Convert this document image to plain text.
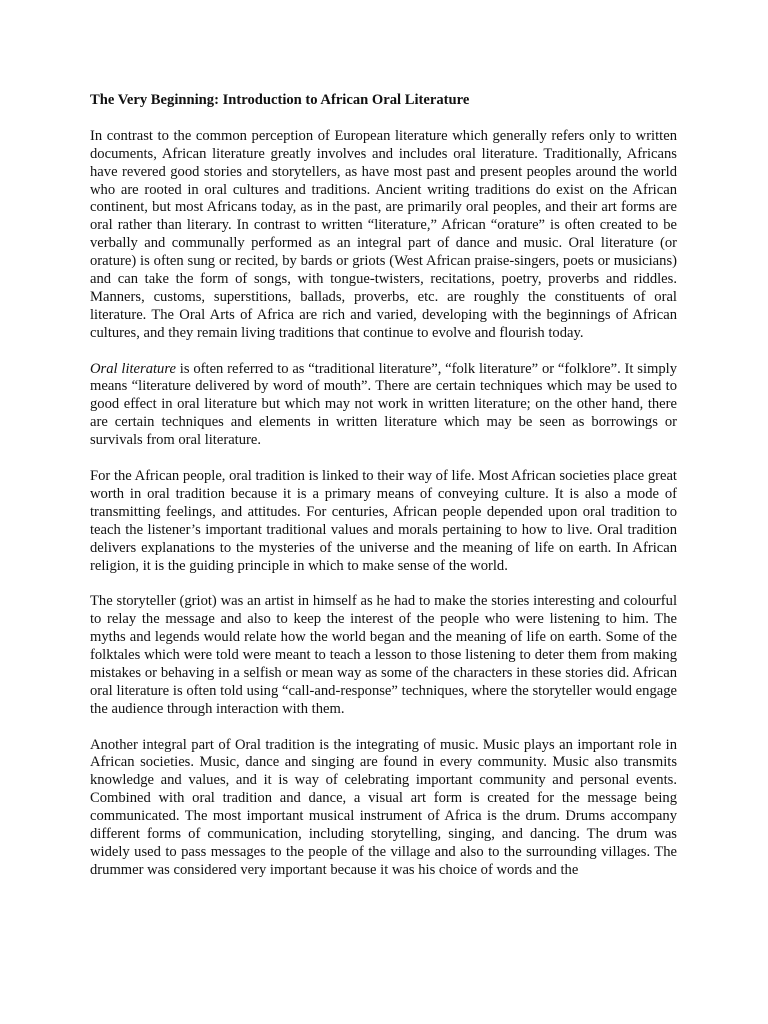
The Very Beginning: Introduction to African Oral Literature

In contrast to the common perception of European literature which generally refers only to written documents, African literature greatly involves and includes oral literature. Traditionally, Africans have revered good stories and storytellers, as have most past and present peoples around the world who are rooted in oral cultures and traditions. Ancient writing traditions do exist on the African continent, but most Africans today, as in the past, are primarily oral peoples, and their art forms are oral rather than literary. In contrast to written “literature,” African “orature” is often created to be verbally and communally performed as an integral part of dance and music. Oral literature (or orature) is often sung or recited, by bards or griots (West African praise-singers, poets or musicians) and can take the form of songs, with tongue-twisters, recitations, poetry, proverbs and riddles. Manners, customs, superstitions, ballads, proverbs, etc. are roughly the constituents of oral literature. The Oral Arts of Africa are rich and varied, developing with the beginnings of African cultures, and they remain living traditions that continue to evolve and flourish today.

Oral literature is often referred to as “traditional literature”, “folk literature” or “folklore”. It simply means “literature delivered by word of mouth”. There are certain techniques which may be used to good effect in oral literature but which may not work in written literature; on the other hand, there are certain techniques and elements in written literature which may be seen as borrowings or survivals from oral literature.

For the African people, oral tradition is linked to their way of life. Most African societies place great worth in oral tradition because it is a primary means of conveying culture. It is also a mode of transmitting feelings, and attitudes. For centuries, African people depended upon oral tradition to teach the listener’s important traditional values and morals pertaining to how to live. Oral tradition delivers explanations to the mysteries of the universe and the meaning of life on earth. In African religion, it is the guiding principle in which to make sense of the world.

The storyteller (griot) was an artist in himself as he had to make the stories interesting and colourful to relay the message and also to keep the interest of the people who were listening to him. The myths and legends would relate how the world began and the meaning of life on earth. Some of the folktales which were told were meant to teach a lesson to those listening to deter them from making mistakes or behaving in a selfish or mean way as some of the characters in these stories did. African oral literature is often told using “call-and-response” techniques, where the storyteller would engage the audience through interaction with them.

Another integral part of Oral tradition is the integrating of music. Music plays an important role in African societies. Music, dance and singing are found in every community. Music also transmits knowledge and values, and it is way of celebrating important community and personal events. Combined with oral tradition and dance, a visual art form is created for the message being communicated. The most important musical instrument of Africa is the drum. Drums accompany different forms of communication, including storytelling, singing, and dancing. The drum was widely used to pass messages to the people of the village and also to the surrounding villages. The drummer was considered very important because it was his choice of words and the
